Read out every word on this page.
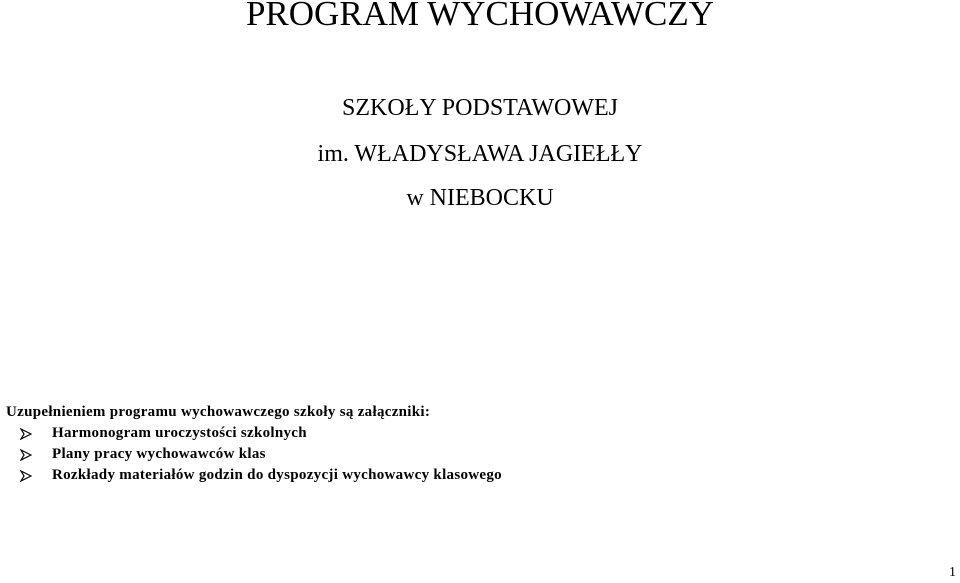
PROGRAM WYCHOWAWCZY
SZKOŁY PODSTAWOWEJ
im. WŁADYSŁAWA JAGIEŁŁY
w NIEBOCKU
Uzupełnieniem programu wychowawczego szkoły są załączniki:
Harmonogram uroczystości szkolnych
Plany pracy wychowawców klas
Rozkłady materiałów godzin do dyspozycji wychowawcy klasowego
1
